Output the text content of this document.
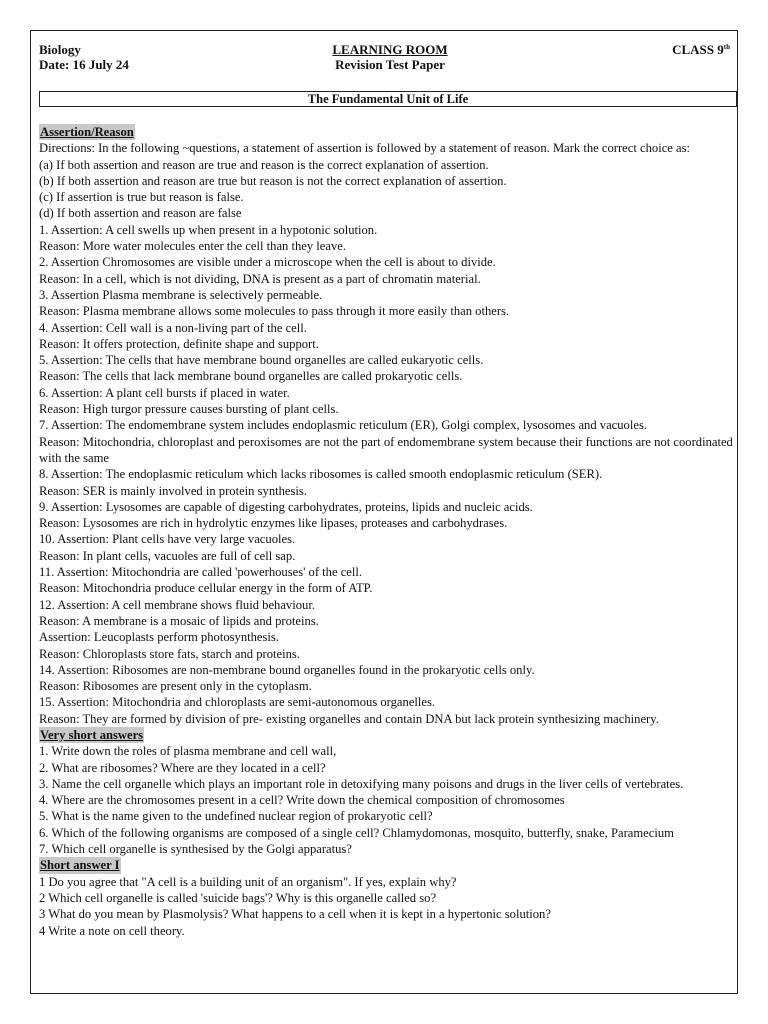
Biology
Date: 16 July 24
LEARNING ROOM
Revision Test Paper
CLASS 9th
The Fundamental Unit of Life
Assertion/Reason
Directions: In the following ~questions, a statement of assertion is followed by a statement of reason. Mark the correct choice as:
(a) If both assertion and reason are true and reason is the correct explanation of assertion.
(b) If both assertion and reason are true but reason is not the correct explanation of assertion.
(c) If assertion is true but reason is false.
(d) If both assertion and reason are false
1. Assertion: A cell swells up when present in a hypotonic solution.
Reason: More water molecules enter the cell than they leave.
2. Assertion Chromosomes are visible under a microscope when the cell is about to divide.
Reason: In a cell, which is not dividing, DNA is present as a part of chromatin material.
3. Assertion Plasma membrane is selectively permeable.
Reason: Plasma membrane allows some molecules to pass through it more easily than others.
4. Assertion: Cell wall is a non-living part of the cell.
Reason: It offers protection, definite shape and support.
5. Assertion: The cells that have membrane bound organelles are called eukaryotic cells.
Reason: The cells that lack membrane bound organelles are called prokaryotic cells.
6. Assertion: A plant cell bursts if placed in water.
Reason: High turgor pressure causes bursting of plant cells.
7. Assertion: The endomembrane system includes endoplasmic reticulum (ER), Golgi complex, lysosomes and vacuoles.
Reason: Mitochondria, chloroplast and peroxisomes are not the part of endomembrane system because their functions are not coordinated with the same
8. Assertion: The endoplasmic reticulum which lacks ribosomes is called smooth endoplasmic reticulum (SER).
Reason: SER is mainly involved in protein synthesis.
9. Assertion: Lysosomes are capable of digesting carbohydrates, proteins, lipids and nucleic acids.
Reason: Lysosomes are rich in hydrolytic enzymes like lipases, proteases and carbohydrases.
10. Assertion: Plant cells have very large vacuoles.
Reason: In plant cells, vacuoles are full of cell sap.
11. Assertion: Mitochondria are called 'powerhouses' of the cell.
Reason: Mitochondria produce cellular energy in the form of ATP.
12. Assertion: A cell membrane shows fluid behaviour.
Reason: A membrane is a mosaic of lipids and proteins.
Assertion: Leucoplasts perform photosynthesis.
Reason: Chloroplasts store fats, starch and proteins.
14. Assertion: Ribosomes are non-membrane bound organelles found in the prokaryotic cells only.
Reason: Ribosomes are present only in the cytoplasm.
15. Assertion: Mitochondria and chloroplasts are semi-autonomous organelles.
Reason: They are formed by division of pre- existing organelles and contain DNA but lack protein synthesizing machinery.
Very short answers
1. Write down the roles of plasma membrane and cell wall,
2. What are ribosomes? Where are they located in a cell?
3. Name the cell organelle which plays an important role in detoxifying many poisons and drugs in the liver cells of vertebrates.
4. Where are the chromosomes present in a cell? Write down the chemical composition of chromosomes
5. What is the name given to the undefined nuclear region of prokaryotic cell?
6. Which of the following organisms are composed of a single cell? Chlamydomonas, mosquito, butterfly, snake, Paramecium
7. Which cell organelle is synthesised by the Golgi apparatus?
Short answer I
1 Do you agree that "A cell is a building unit of an organism". If yes, explain why?
2 Which cell organelle is called 'suicide bags'? Why is this organelle called so?
3 What do you mean by Plasmolysis? What happens to a cell when it is kept in a hypertonic solution?
4 Write a note on cell theory.
